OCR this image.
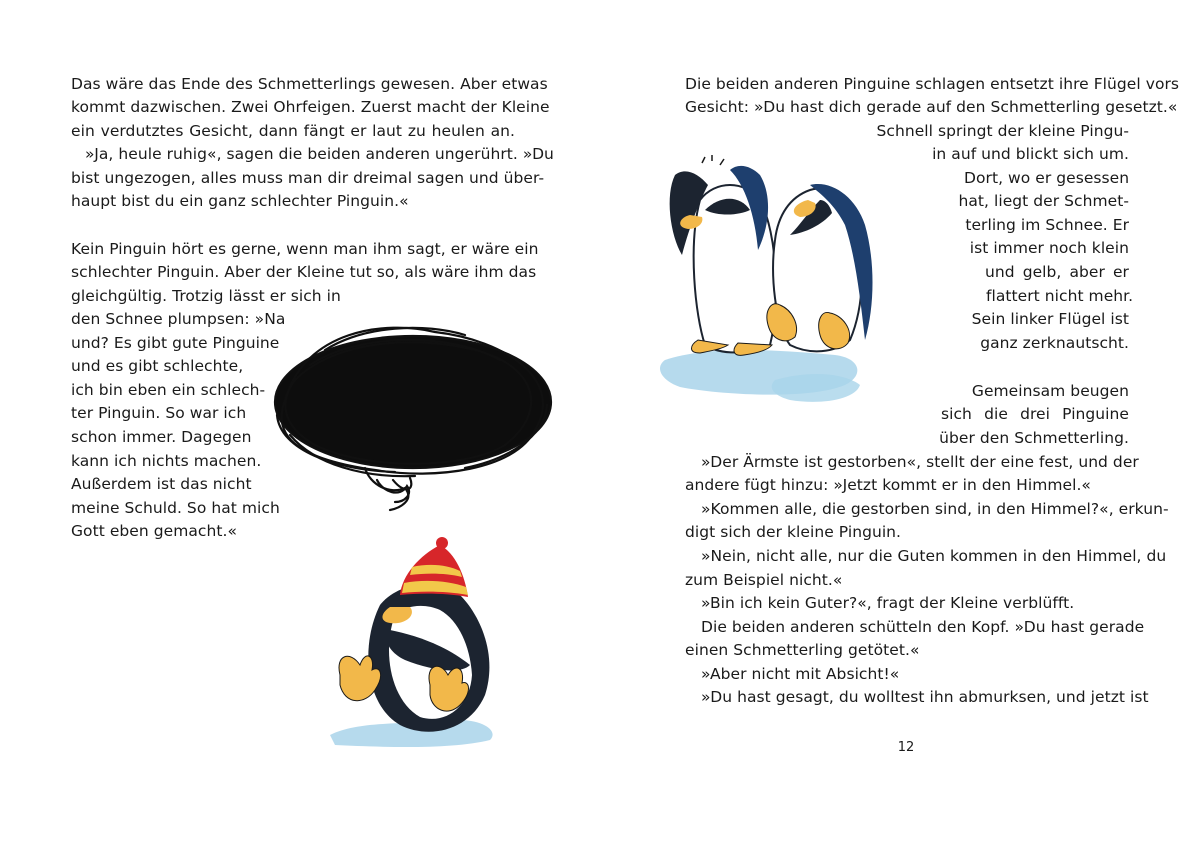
Das wäre das Ende des Schmetterlings gewesen. Aber etwas
kommt dazwischen. Zwei Ohrfeigen. Zuerst macht der Kleine
ein verdutztes Gesicht, dann fängt er laut zu heulen an.
»Ja, heule ruhig«, sagen die beiden anderen ungerührt. »Du
bist ungezogen, alles muss man dir dreimal sagen und über-
haupt bist du ein ganz schlechter Pinguin.«
Kein Pinguin hört es gerne, wenn man ihm sagt, er wäre ein
schlechter Pinguin. Aber der Kleine tut so, als wäre ihm das
gleichgültig. Trotzig lässt er sich in
den Schnee plumpsen: »Na
und? Es gibt gute Pinguine
und es gibt schlechte,
ich bin eben ein schlech-
ter Pinguin. So war ich
schon immer. Dagegen
kann ich nichts machen.
Außerdem ist das nicht
meine Schuld. So hat mich
Gott eben gemacht.«
Die beiden anderen Pinguine schlagen entsetzt ihre Flügel vors
Gesicht: »Du hast dich gerade auf den Schmetterling gesetzt.«
Schnell springt der kleine Pingu-
in auf und blickt sich um.
Dort, wo er gesessen
hat, liegt der Schmet-
terling im Schnee. Er
ist immer noch klein
und gelb, aber er
flattert nicht mehr.
Sein linker Flügel ist
ganz zerknautscht.
Gemeinsam beugen
sich die drei Pinguine
über den Schmetterling.
»Der Ärmste ist gestorben«, stellt der eine fest, und der
andere fügt hinzu: »Jetzt kommt er in den Himmel.«
»Kommen alle, die gestorben sind, in den Himmel?«, erkun-
digt sich der kleine Pinguin.
»Nein, nicht alle, nur die Guten kommen in den Himmel, du
zum Beispiel nicht.«
»Bin ich kein Guter?«, fragt der Kleine verblüfft.
Die beiden anderen schütteln den Kopf. »Du hast gerade
einen Schmetterling getötet.«
»Aber nicht mit Absicht!«
»Du hast gesagt, du wolltest ihn abmurksen, und jetzt ist
12
